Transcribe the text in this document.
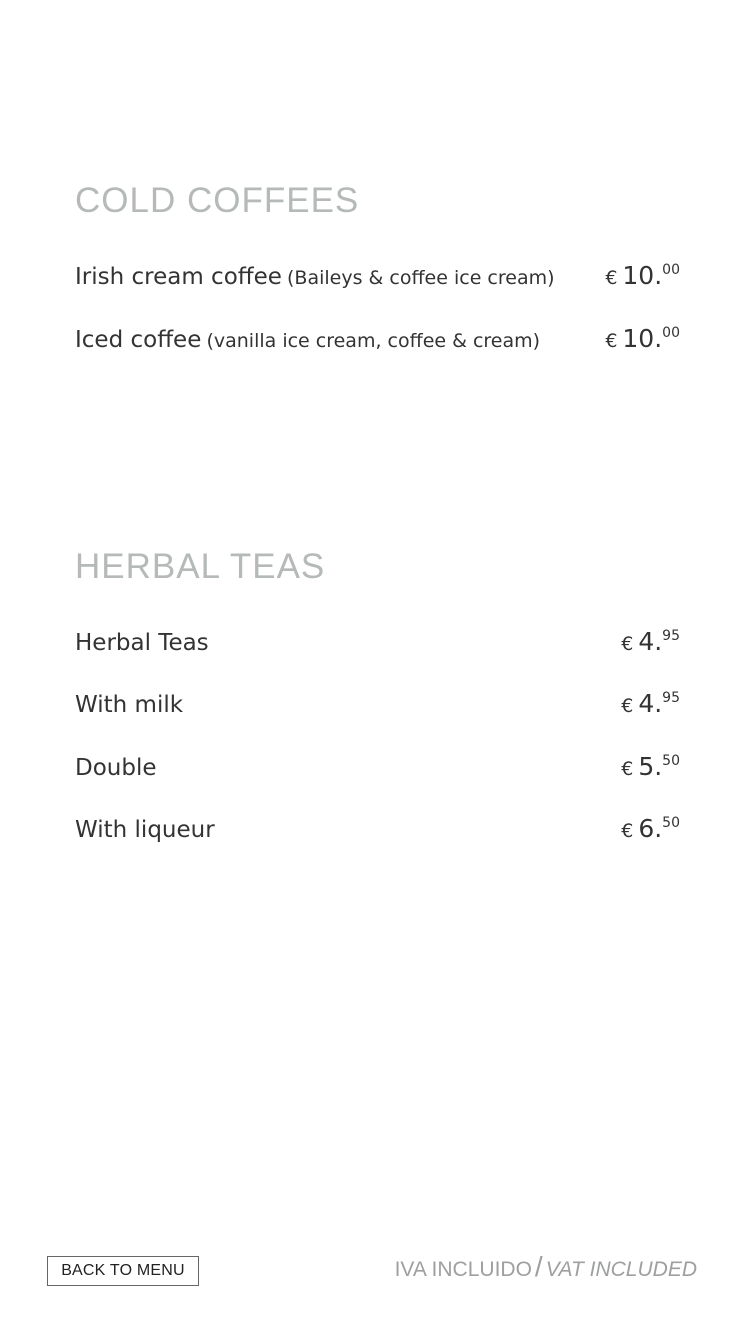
COLD COFFEES
Irish cream coffee (Baileys & coffee ice cream)	€ 10.00
Iced coffee (vanilla ice cream, coffee & cream)	€ 10.00
HERBAL TEAS
Herbal Teas	€ 4.95
With milk	€ 4.95
Double	€ 5.50
With liqueur	€ 6.50
BACK TO MENU	IVA INCLUIDO / VAT INCLUDED
